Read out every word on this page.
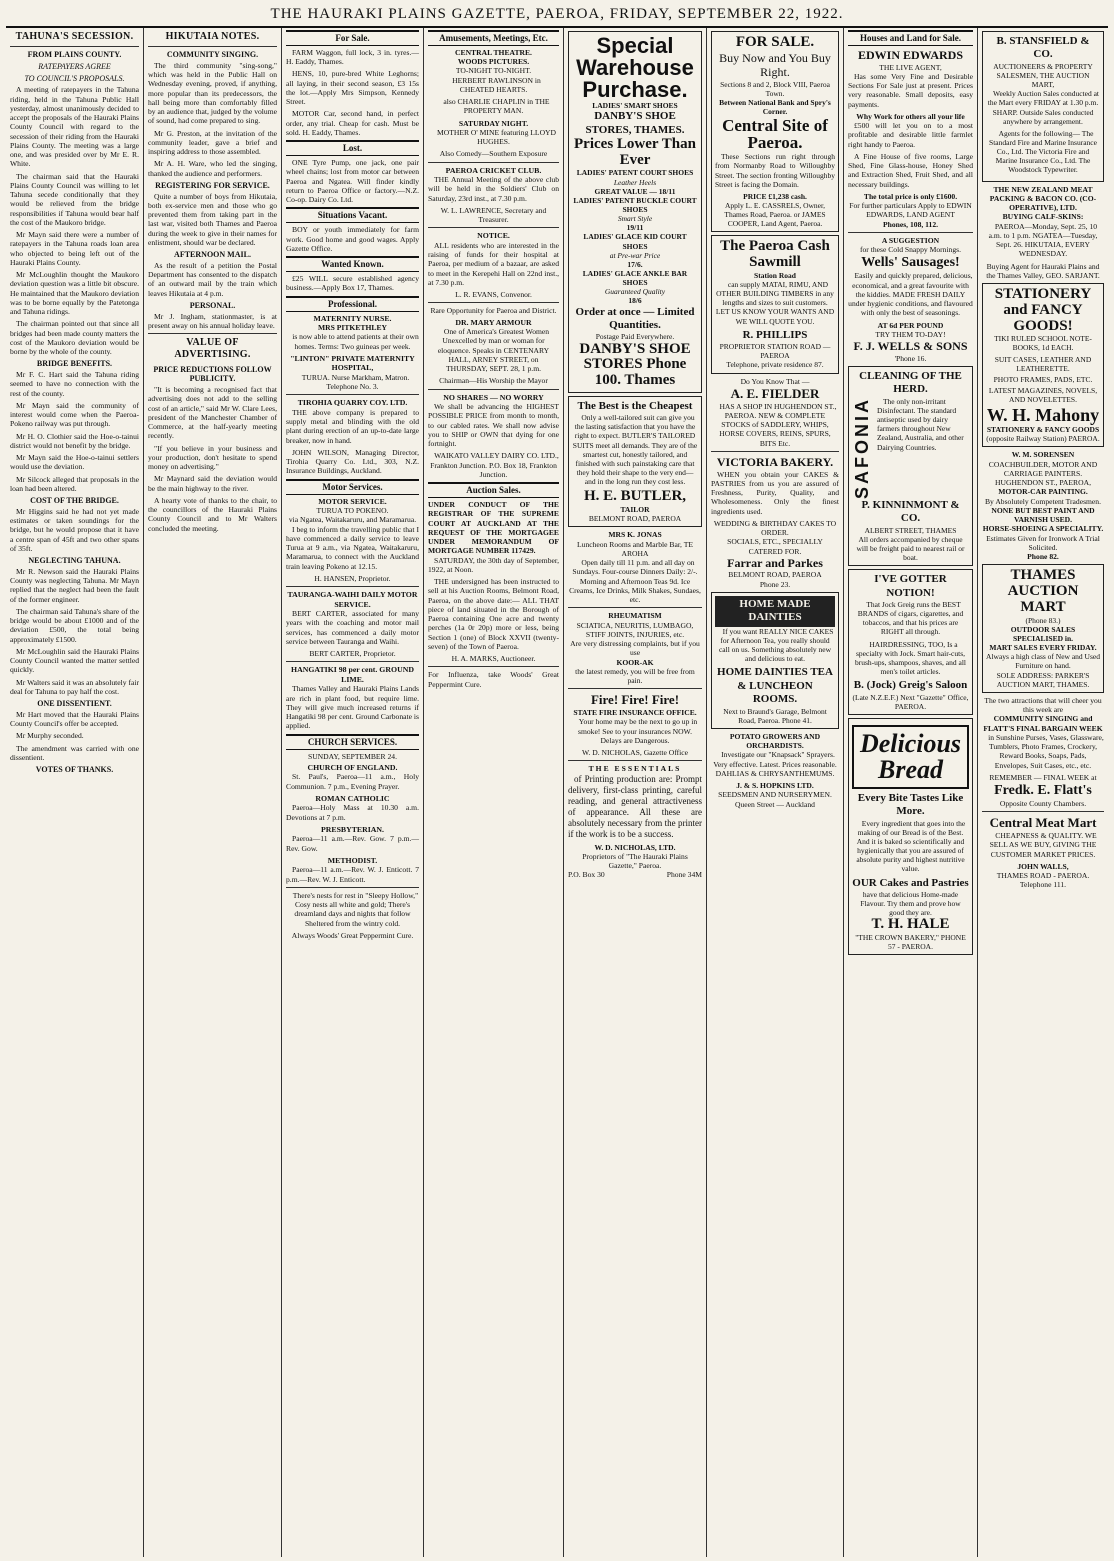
THE HAURAKI PLAINS GAZETTE, PAEROA, FRIDAY, SEPTEMBER 22, 1922.
TAHUNA'S SECESSION.
FROM PLAINS COUNTY.
RATEPAYERS AGREE
TO COUNCIL'S PROPOSALS.

A meeting of ratepayers in the Tahuna riding, held in the Tahuna Public Hall yesterday, almost unanimously decided to accept the proposals of the Hauraki Plains County Council with regard to the secession of their riding from the Hauraki Plains County. The meeting was a large one, and was presided over by Mr E. R. White.

The chairman said that the Hauraki Plains County Council was willing to let Tahuna secede conditionally that they would be relieved from the bridge responsibilities if Tahuna would bear half the cost of the Maukoro bridge.

Mr Mayn said there were a number of ratepayers in the Tahuna roads loan area who objected to being left out of the Hauraki Plains County.

Mr McLoughlin thought the Maukoro deviation question was a little bit obscure. He maintained that the Maukoro deviation was to be borne equally by the Patetonga and Tahuna ridings.

The chairman pointed out that since all bridges had been made county matters the cost of the Maukoro deviation would be borne by the whole of the county.

BRIDGE BENEFITS.

Mr F. C. Hart said the Tahuna riding seemed to have no connection with the rest of the county.

Mr Mayn said the community of interest would come when the Paeroa-Pokeno railway was put through.

Mr H. O. Clothier said the Hoe-o-tainui district would not benefit by the bridge.

Mr Mayn said the Hoe-o-tainui settlers would use the deviation.

Mr Silcock alleged that proposals in the loan had been altered.

COST OF THE BRIDGE.

Mr Higgins said he had not yet made estimates or taken soundings for the bridge, but he would propose that it have a centre span of 45ft and two other spans of 35ft.

NEGLECTING TAHUNA.

Mr R. Newson said the Hauraki Plains County was neglecting Tahuna. Mr Mayn replied that the neglect had been the fault of the former engineer.

The chairman said Tahuna's share of the bridge would be about £1000 and of the deviation £500, the total being approximately £1500.

Mr McLoughlin said the Hauraki Plains County Council wanted the matter settled quickly.

Mr Walters said it was an absolutely fair deal for Tahuna to pay half the cost.

ONE DISSENTIENT.

Mr Hart moved that the Hauraki Plains County Council's offer be accepted.

Mr Murphy seconded.

The amendment was carried with one dissentient.

VOTES OF THANKS.
HIKUTAIA NOTES.
COMMUNITY SINGING.

The third community "sing-song," which was held in the Public Hall on Wednesday evening, proved, if anything, more popular than its predecessors, the hall being more than comfortably filled by an audience that, judged by the volume of sound, had come prepared to sing.

Mr G. Preston, at the invitation of the community leader, gave a brief and inspiring address to those assembled.

Mr A. H. Ware, who led the singing, thanked the audience and performers.

REGISTERING FOR SERVICE.

Quite a number of boys from Hikutaia, both ex-service men and those who go prevented them from taking part in the last war, visited both Thames and Paeroa during the week to give in their names for enlistment, should war be declared.

AFTERNOON MAIL.

As the result of a petition the Postal Department has consented to the dispatch of an outward mail by the train which leaves Hikutaia at 4 p.m.

PERSONAL.

Mr J. Ingham, stationmaster, is at present away on his annual holiday leave.

VALUE OF ADVERTISING.
PRICE REDUCTIONS FOLLOW PUBLICITY.

"It is becoming a recognised fact that advertising does not add to the selling cost of an article," said Mr W. Clare Lees, president of the Manchester Chamber of Commerce, at the half-yearly meeting recently.

"If you believe in your business and your production, don't hesitate to spend money on advertising."

Mr Maynard said the deviation would be the main highway to the river.

A hearty vote of thanks to the chair, to the councillors of the Hauraki Plains County Council and to Mr Walters concluded the meeting.

For Sale.

FARM Waggon, full lock, 3 in. tyres.—H. Eaddy, Thames.

HENS, 10, pure-bred White Leghorns; all laying, in their second season, £3 15s the lot.—Apply Mrs Simpson, Kennedy Street.

MOTOR Car, second hand, in perfect order, any trial. Cheap for cash. Must be sold. H. Eaddy, Thames.

Lost.

ONE Tyre Pump, one jack, one pair wheel chains; lost from motor car between Paeroa and Ngatea. Will finder kindly return to Paeroa Office or factory.—N.Z. Co-op. Dairy Co. Ltd.

Situations Vacant.

BOY or youth immediately for farm work. Good home and good wages. Apply Gazette Office.

Wanted Known.

£25 WILL secure established agency business.—Apply Box 17, Thames.

Professional.
MATERNITY NURSE.
MRS PITKETHLEY

is now able to attend patients at their own homes. Terms: Two guineas per week.

"LINTON" PRIVATE MATERNITY HOSPITAL,

TURUA. Nurse Markham, Matron. Telephone No. 3.

TIROHIA QUARRY COY. LTD.

THE above company is prepared to supply metal and blinding with the old plant during erection of an up-to-date large breaker, now in hand.

JOHN WILSON, Managing Director, Tirohia Quarry Co. Ltd., 303, N.Z. Insurance Buildings, Auckland.

Motor Services.
MOTOR SERVICE.
TURUA TO POKENO.
via Ngatea, Waitakaruru, and Maramarua.

I beg to inform the travelling public that I have commenced a daily service to leave Turua at 9 a.m., via Ngatea, Waitakaruru, Maramarua, to connect with the Auckland train leaving Pokeno at 12.15.

H. HANSEN, Proprietor.
TAURANGA-WAIHI DAILY MOTOR SERVICE.

BERT CARTER, associated for many years with the coaching and motor mail services, has commenced a daily motor service between Tauranga and Waihi.

BERT CARTER, Proprietor.
HANGATIKI 98 per cent. GROUND LIME.

Thames Valley and Hauraki Plains Lands are rich in plant food, but require lime. They will give much increased returns if Hangatiki 98 per cent. Ground Carbonate is applied.

CHURCH SERVICES.
SUNDAY, SEPTEMBER 24.
CHURCH OF ENGLAND.

St. Paul's, Paeroa—11 a.m., Holy Communion. 7 p.m., Evening Prayer.

ROMAN CATHOLIC

Paeroa—Holy Mass at 10.30 a.m. Devotions at 7 p.m.

PRESBYTERIAN.

Paeroa—11 a.m.—Rev. Gow. 7 p.m.—Rev. Gow.

METHODIST.

Paeroa—11 a.m.—Rev. W. J. Enticott. 7 p.m.—Rev. W. J. Enticott.

There's nests for rest in "Sleepy Hollow," Cosy nests all white and gold; There's dreamland days and nights that follow Sheltered from the wintry cold.

Always Woods' Great Peppermint Cure.
Amusements, Meetings, Etc.
CENTRAL THEATRE.
WOODS PICTURES.
TO-NIGHT TO-NIGHT.

HERBERT RAWLINSON in CHEATED HEARTS.

also CHARLIE CHAPLIN in THE PROPERTY MAN.

SATURDAY NIGHT.

MOTHER O' MINE featuring LLOYD HUGHES.

Also Comedy—Southern Exposure
PAEROA CRICKET CLUB.

THE Annual Meeting of the above club will be held in the Soldiers' Club on Saturday, 23rd inst., at 7.30 p.m.

W. L. LAWRENCE, Secretary and Treasurer.
NOTICE.

ALL residents who are interested in the raising of funds for their hospital at Paeroa, per medium of a bazaar, are asked to meet in the Kerepehi Hall on 22nd inst., at 7.30 p.m.

L. R. EVANS, Convenor.
Rare Opportunity for Paeroa and District.
DR. MARY ARMOUR

One of America's Greatest Women Unexcelled by man or woman for eloquence. Speaks in CENTENARY HALL, ARNEY STREET, on THURSDAY, SEPT. 28, 1 p.m.

Chairman—His Worship the Mayor
NO SHARES — NO WORRY

We shall be advancing the HIGHEST POSSIBLE PRICE from month to month, to our cabled rates. We shall now advise you to SHIP or OWN that dying for one fortnight.

WAIKATO VALLEY DAIRY CO. LTD., Frankton Junction. P.O. Box 18, Frankton Junction.

Auction Sales.
UNDER CONDUCT OF THE REGISTRAR OF THE SUPREME COURT AT AUCKLAND AT THE REQUEST OF THE MORTGAGEE UNDER MEMORANDUM OF MORTGAGE NUMBER 117429.

SATURDAY, the 30th day of September, 1922, at Noon.

THE undersigned has been instructed to sell at his Auction Rooms, Belmont Road, Paeroa, on the above date:— ALL THAT piece of land situated in the Borough of Paeroa containing One acre and twenty perches (1a 0r 20p) more or less, being Section 1 (one) of Block XXVII (twenty-seven) of the Town of Paeroa.

H. A. MARKS, Auctioneer.
For Influenza, take Woods' Great Peppermint Cure.
Special Warehouse Purchase.
LADIES' SMART SHOES
DANBY'S SHOE STORES, THAMES.
Prices Lower Than Ever
LADIES' PATENT COURT SHOES
Leather Heels
GREAT VALUE — 18/11
LADIES' PATENT BUCKLE COURT SHOES
Smart Style
19/11
LADIES' GLACE KID COURT SHOES
at Pre-war Price
17/6.
LADIES' GLACE ANKLE BAR SHOES
Guaranteed Quality
18/6
Order at once — Limited Quantities.
Postage Paid Everywhere.
DANBY'S SHOE STORES Phone 100. Thames
The Best is the Cheapest

Only a well-tailored suit can give you the lasting satisfaction that you have the right to expect. BUTLER'S TAILORED SUITS meet all demands. They are of the smartest cut, honestly tailored, and finished with such painstaking care that they hold their shape to the very end—and in the long run they cost less.

H. E. BUTLER,
TAILOR
BELMONT ROAD, PAEROA
MRS K. JONAS
Luncheon Rooms and Marble Bar, TE AROHA

Open daily till 11 p.m. and all day on Sundays. Four-course Dinners Daily: 2/-. Morning and Afternoon Teas 9d. Ice Creams, Ice Drinks, Milk Shakes, Sundaes, etc.

RHEUMATISM
SCIATICA, NEURITIS, LUMBAGO, STIFF JOINTS, INJURIES, etc.
Are very distressing complaints, but if you use
KOOR-AK
the latest remedy, you will be free from pain.
Fire! Fire! Fire!
STATE FIRE INSURANCE OFFICE.

Your home may be the next to go up in smoke! See to your insurances NOW. Delays are Dangerous.

W. D. NICHOLAS, Gazette Office
THE ESSENTIALS

of Printing production are: Prompt delivery, first-class printing, careful reading, and general attractiveness of appearance. All these are absolutely necessary from the printer if the work is to be a success.

W. D. NICHOLAS, LTD.
Proprietors of "The Hauraki Plains Gazette," Paeroa.
P.O. Box 30	Phone 34M
FOR SALE.
Buy Now and You Buy Right.
Sections 8 and 2, Block VIII, Paeroa Town.
Between National Bank and Spry's Corner.
Central Site of Paeroa.

These Sections run right through from Normanby Road to Willoughby Street. The section fronting Willoughby Street is facing the Domain.

PRICE £1,238 cash.
Apply L. E. CASSRELS, Owner, Thames Road, Paeroa. or JAMES COOPER, Land Agent, Paeroa.
The Paeroa Cash Sawmill
Station Road

can supply MATAI, RIMU, AND OTHER BUILDING TIMBERS in any lengths and sizes to suit customers. LET US KNOW YOUR WANTS AND WE WILL QUOTE YOU.

R. PHILLIPS
PROPRIETOR STATION ROAD — PAEROA
Telephone, private residence 87.
Do You Know That —
A. E. FIELDER

HAS A SHOP IN HUGHENDON ST., PAEROA. NEW & COMPLETE STOCKS of SADDLERY, WHIPS, HORSE COVERS, REINS, SPURS, BITS Etc.

VICTORIA BAKERY.

WHEN you obtain your CAKES & PASTRIES from us you are assured of Freshness, Purity, Quality, and Wholesomeness. Only the finest ingredients used.

WEDDING & BIRTHDAY CAKES TO ORDER.
SOCIALS, ETC., SPECIALLY CATERED FOR.
Farrar and Parkes
BELMONT ROAD, PAEROA
Phone 23.
HOME MADE DAINTIES

If you want REALLY NICE CAKES for Afternoon Tea, you really should call on us. Something absolutely new and delicious to eat.

HOME DAINTIES TEA & LUNCHEON ROOMS.
Next to Braund's Garage, Belmont Road, Paeroa. Phone 41.
POTATO GROWERS AND ORCHARDISTS.

Investigate our "Knapsack" Sprayers. Very effective. Latest. Prices reasonable. DAHLIAS & CHRYSANTHEMUMS.

J. & S. HOPKINS LTD.
SEEDSMEN AND NURSERYMEN.
Queen Street — Auckland
Houses and Land for Sale.
EDWIN EDWARDS
THE LIVE AGENT,

Has some Very Fine and Desirable Sections For Sale just at present. Prices very reasonable. Small deposits, easy payments.

Why Work for others all your life

£500 will let you on to a most profitable and desirable little farmlet right handy to Paeroa.

A Fine House of five rooms, Large Shed, Fine Glass-house, Honey Shed and Extraction Shed, Fruit Shed, and all necessary buildings.

The total price is only £1600.
For further particulars Apply to EDWIN EDWARDS, LAND AGENT
Phones, 108, 112.
A SUGGESTION
for these Cold Snappy Mornings.
Wells' Sausages!

Easily and quickly prepared, delicious, economical, and a great favourite with the kiddies. MADE FRESH DAILY under hygienic conditions, and flavoured with only the best of seasonings.

AT 6d PER POUND
TRY THEM TO-DAY!
F. J. WELLS & SONS
'Phone 16.
CLEANING OF THE HERD.
SAFONIA	The only non-irritant Disinfectant. The standard antiseptic used by dairy farmers throughout New Zealand, Australia, and other Dairying Countries.

P. KINNINMONT & CO.
ALBERT STREET, THAMES
All orders accompanied by cheque will be freight paid to nearest rail or boat.
I'VE GOTTER NOTION!

That Jock Greig runs the BEST BRANDS of cigars, cigarettes, and tobaccos, and that his prices are RIGHT all through.

HAIRDRESSING, TOO, Is a specialty with Jock. Smart hair-cuts, brush-ups, shampoos, shaves, and all men's toilet articles.

B. (Jock) Greig's Saloon
(Late N.Z.E.F.) Next "Gazette" Office, PAEROA.
Delicious Bread
Every Bite Tastes Like More.

Every ingredient that goes into the making of our Bread is of the Best. And it is baked so scientifically and hygienically that you are assured of absolute purity and highest nutritive value.

OUR Cakes and Pastries
have that delicious Home-made Flavour. Try them and prove how good they are.
T. H. HALE
"THE CROWN BAKERY," PHONE 57 - PAEROA.
B. STANSFIELD & CO.
AUCTIONEERS & PROPERTY SALESMEN, THE AUCTION MART,

Weekly Auction Sales conducted at the Mart every FRIDAY at 1.30 p.m. SHARP. Outside Sales conducted anywhere by arrangement.

Agents for the following— The Standard Fire and Marine Insurance Co., Ltd. The Victoria Fire and Marine Insurance Co., Ltd. The Woodstock Typewriter.

THE NEW ZEALAND MEAT PACKING & BACON CO. (CO-OPERATIVE), LTD.
BUYING CALF-SKINS:

PAEROA—Monday, Sept. 25, 10 a.m. to 1 p.m. NGATEA—Tuesday, Sept. 26. HIKUTAIA, EVERY WEDNESDAY.

Buying Agent for Hauraki Plains and the Thames Valley, GEO. SARJANT.
STATIONERY and FANCY GOODS!
TIKI RULED SCHOOL NOTE-BOOKS, 1d EACH.
SUIT CASES, LEATHER AND LEATHERETTE.
PHOTO FRAMES, PADS, ETC.
LATEST MAGAZINES, NOVELS, AND NOVELETTES.
W. H. Mahony
STATIONERY & FANCY GOODS
(opposite Railway Station) PAEROA.
W. M. SORENSEN
COACHBUILDER, MOTOR AND CARRIAGE PAINTERS. HUGHENDON ST., PAEROA,
MOTOR-CAR PAINTING.
By Absolutely Competent Tradesmen.
NONE BUT BEST PAINT AND VARNISH USED.
HORSE-SHOEING A SPECIALITY.
Estimates Given for Ironwork A Trial Solicited.
Phone 82.
THAMES AUCTION MART
(Phone 83.)
OUTDOOR SALES SPECIALISED in.
MART SALES EVERY FRIDAY.
Always a high class of New and Used Furniture on hand.
SOLE ADDRESS: PARKER'S AUCTION MART, THAMES.
The two attractions that will cheer you this week are
COMMUNITY SINGING and FLATT'S FINAL BARGAIN WEEK

in Sunshine Purses, Vases, Glassware, Tumblers, Photo Frames, Crockery, Reward Books, Soaps, Pads, Envelopes, Suit Cases, etc., etc.

REMEMBER — FINAL WEEK at
Fredk. E. Flatt's
Opposite County Chambers.
Central Meat Mart

CHEAPNESS & QUALITY. WE SELL AS WE BUY, GIVING THE CUSTOMER MARKET PRICES.

JOHN WALLS,
THAMES ROAD - PAEROA.
Telephone 111.
